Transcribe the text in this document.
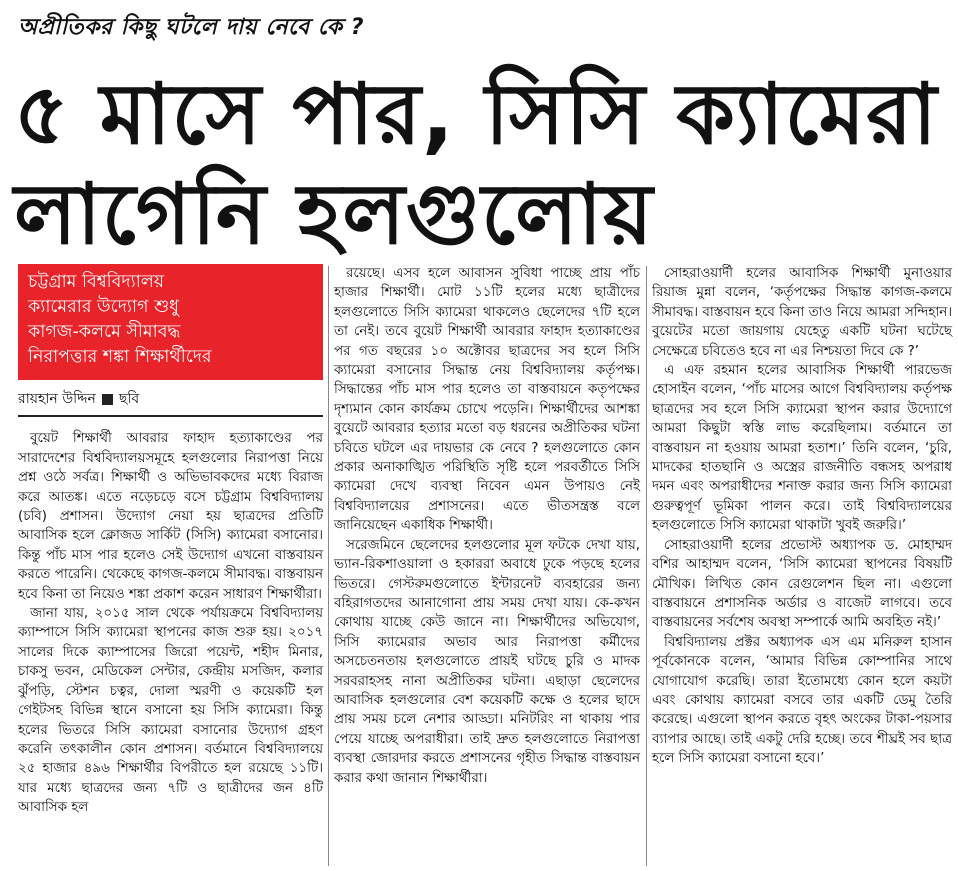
অপ্রীতিকর কিছু ঘটলে দায় নেবে কে ?
৫ মাসে পার, সিসি ক্যামেরা
লাগেনি হলগুলোয়
চট্টগ্রাম বিশ্ববিদ্যালয়
ক্যামেরার উদ্যোগ শুধু
কাগজ-কলমে সীমাবদ্ধ
নিরাপত্তার শঙ্কা শিক্ষার্থীদের
রায়হান উদ্দিন ছবি

বুয়েট শিক্ষার্থী আবরার ফাহাদ হত্যাকাণ্ডের পর সারাদেশের বিশ্ববিদ্যালয়সমূহে হলগুলোর নিরাপত্তা নিয়ে প্রশ্ন ওঠে সর্বত্র। শিক্ষার্থী ও অভিভাবকদের মধ্যে বিরাজ করে আতঙ্ক। এতে নড়েচড়ে বসে চট্টগ্রাম বিশ্ববিদ্যালয় (চবি) প্রশাসন। উদ্যোগ নেয়া হয় ছাত্রদের প্রতিটি আবাসিক হলে ক্লোজড সার্কিট (সিসি) ক্যামেরা বসানোর। কিন্তু পাঁচ মাস পার হলেও সেই উদ্যোগ এখনো বাস্তবায়ন করতে পারেনি। থেকেছে কাগজ-কলমে সীমাবদ্ধ। বাস্তবায়ন হবে কিনা তা নিয়েও শঙ্কা প্রকাশ করেন সাধারণ শিক্ষার্থীরা।

জানা যায়, ২০১৫ সাল থেকে পর্যায়ক্রমে বিশ্ববিদ্যালয় ক্যাম্পাসে সিসি ক্যামেরা স্থাপনের কাজ শুরু হয়। ২০১৭ সালের দিকে ক্যাম্পাসের জিরো পয়েন্ট, শহীদ মিনার, চাকসু ভবন, মেডিকেল সেন্টার, কেন্দ্রীয় মসজিদ, কলার ঝুঁপড়ি, স্টেশন চত্বর, দোলা স্মরণী ও কয়েকটি হল গেইটসহ বিভিন্ন স্থানে বসানো হয় সিসি ক্যামেরা। কিন্তু হলের ভিতরে সিসি ক্যামেরা বসানোর উদ্যোগ গ্রহণ করেনি তৎকালীন কোন প্রশাসন। বর্তমানে বিশ্ববিদ্যালয়ে ২৫ হাজার ৪৯৬ শিক্ষার্থীর বিপরীতে হল রয়েছে ১১টি। যার মধ্যে ছাত্রদের জন্য ৭টি ও ছাত্রীদের জন ৪টি আবাসিক হল

রয়েছে। এসব হলে আবাসন সুবিধা পাচ্ছে প্রায় পাঁচ হাজার শিক্ষার্থী। মোট ১১টি হলের মধ্যে ছাত্রীদের হলগুলোতে সিসি ক্যামেরা থাকলেও ছেলেদের ৭টি হলে তা নেই। তবে বুয়েট শিক্ষার্থী আবরার ফাহাদ হত্যাকাণ্ডের পর গত বছরের ১০ অক্টোবর ছাত্রদের সব হলে সিসি ক্যামেরা বসানোর সিদ্ধান্ত নেয় বিশ্ববিদ্যালয় কর্তৃপক্ষ। সিদ্ধান্তের পাঁচ মাস পার হলেও তা বাস্তবায়নে কতৃপক্ষের দৃশ্যমান কোন কার্যক্রম চোখে পড়েনি। শিক্ষার্থীদের আশঙ্কা বুয়েটে আবরার হত্যার মতো বড় ধরনের অপ্রীতিকর ঘটনা চবিতে ঘটলে এর দায়ভার কে নেবে ? হলগুলোতে কোন প্রকার অনাকাঙ্খিত পরিস্থিতি সৃষ্টি হলে পরবর্তীতে সিসি ক্যামেরা দেখে ব্যবস্থা নিবেন এমন উপায়ও নেই বিশ্ববিদ্যালয়ের প্রশাসনের। এতে ভীতসন্ত্রস্ত বলে জানিয়েছেন একাধিক শিক্ষার্থী।

সরেজমিনে ছেলেদের হলগুলোর মূল ফটকে দেখা যায়, ভ্যান-রিকশাওয়ালা ও হকাররা অবাধে ঢুকে পড়ছে হলের ভিতরে। গেস্টরুমগুলোতে ইন্টারনেট ব্যবহারের জন্য বহিরাগতদের আনাগোনা প্রায় সময় দেখা যায়। কে-কখন কোথায় যাচ্ছে কেউ জানে না। শিক্ষার্থীদের অভিযোগ, সিসি ক্যামেরার অভাব আর নিরাপত্তা কর্মীদের অসচেতনতায় হলগুলোতে প্রায়ই ঘটছে চুরি ও মাদক সরবরাহসহ নানা অপ্রীতিকর ঘটনা। এছাড়া ছেলেদের আবাসিক হলগুলোর বেশ কয়েকটি কক্ষে ও হলের ছাদে প্রায় সময় চলে নেশার আড্ডা। মনিটরিং না থাকায় পার পেয়ে যাচ্ছে অপরাধীরা। তাই দ্রুত হলগুলোতে নিরাপত্তা ব্যবস্থা জোরদার করতে প্রশাসনের গৃহীত সিদ্ধান্ত বাস্তবায়ন করার কথা জানান শিক্ষার্থীরা।

সোহরাওয়ার্দী হলের আবাসিক শিক্ষার্থী মুনাওয়ার রিয়াজ মুন্না বলেন, ‘কর্তৃপক্ষের সিদ্ধান্ত কাগজ-কলমে সীমাবদ্ধ। বাস্তবায়ন হবে কিনা তাও নিয়ে আমরা সন্দিহান। বুয়েটের মতো জায়গায় যেহেতু একটি ঘটনা ঘটেছে সেক্ষেত্রে চবিতেও হবে না এর নিশ্চয়তা দিবে কে ?’

এ এফ রহমান হলের আবাসিক শিক্ষার্থী পারভেজ হোসাইন বলেন, ‘পাঁচ মাসের আগে বিশ্ববিদ্যালয় কর্তৃপক্ষ ছাত্রদের সব হলে সিসি ক্যামেরা স্থাপন করার উদ্যোগে আমরা কিছুটা স্বস্তি লাভ করেছিলাম। বর্তমানে তা বাস্তবায়ন না হওয়ায় আমরা হতাশ।’ তিনি বলেন, ‘চুরি, মাদকের হাতছানি ও অস্ত্রের রাজনীতি বন্ধসহ অপরাধ দমন এবং অপরাধীদের শনাক্ত করার জন্য সিসি ক্যামেরা গুরুত্বপূর্ণ ভূমিকা পালন করে। তাই বিশ্ববিদ্যালয়ের হলগুলোতে সিসি ক্যামেরা থাকাটা খুবই জরুরি।’

সোহরাওয়ার্দী হলের প্রভোস্ট অধ্যাপক ড. মোহাম্মদ বশির আহাম্মদ বলেন, ‘সিসি ক্যামেরা স্থাপনের বিষয়টি মৌখিক। লিখিত কোন রেগুলেশন ছিল না। এগুলো বাস্তবায়নে প্রশাসনিক অর্ডার ও বাজেট লাগবে। তবে বাস্তবায়নের সর্বশেষ অবস্থা সম্পার্কে আমি অবহিত নই।’

বিশ্ববিদ্যালয় প্রক্টর অধ্যাপক এস এম মনিরুল হাসান পূর্বকোনকে বলেন, ‘আমার বিভিন্ন কোম্পানির সাথে যোগাযোগ করেছি। তারা ইতোমধ্যে কোন হলে কয়টা এবং কোথায় ক্যামেরা বসবে তার একটি ডেমু তৈরি করেছে। এগুলো স্থাপন করতে বৃহৎ অংকের টাকা-পয়সার ব্যাপার আছে। তাই একটু দেরি হচ্ছে। তবে শীঘ্রই সব ছাত্র হলে সিসি ক্যামেরা বসানো হবে।’
